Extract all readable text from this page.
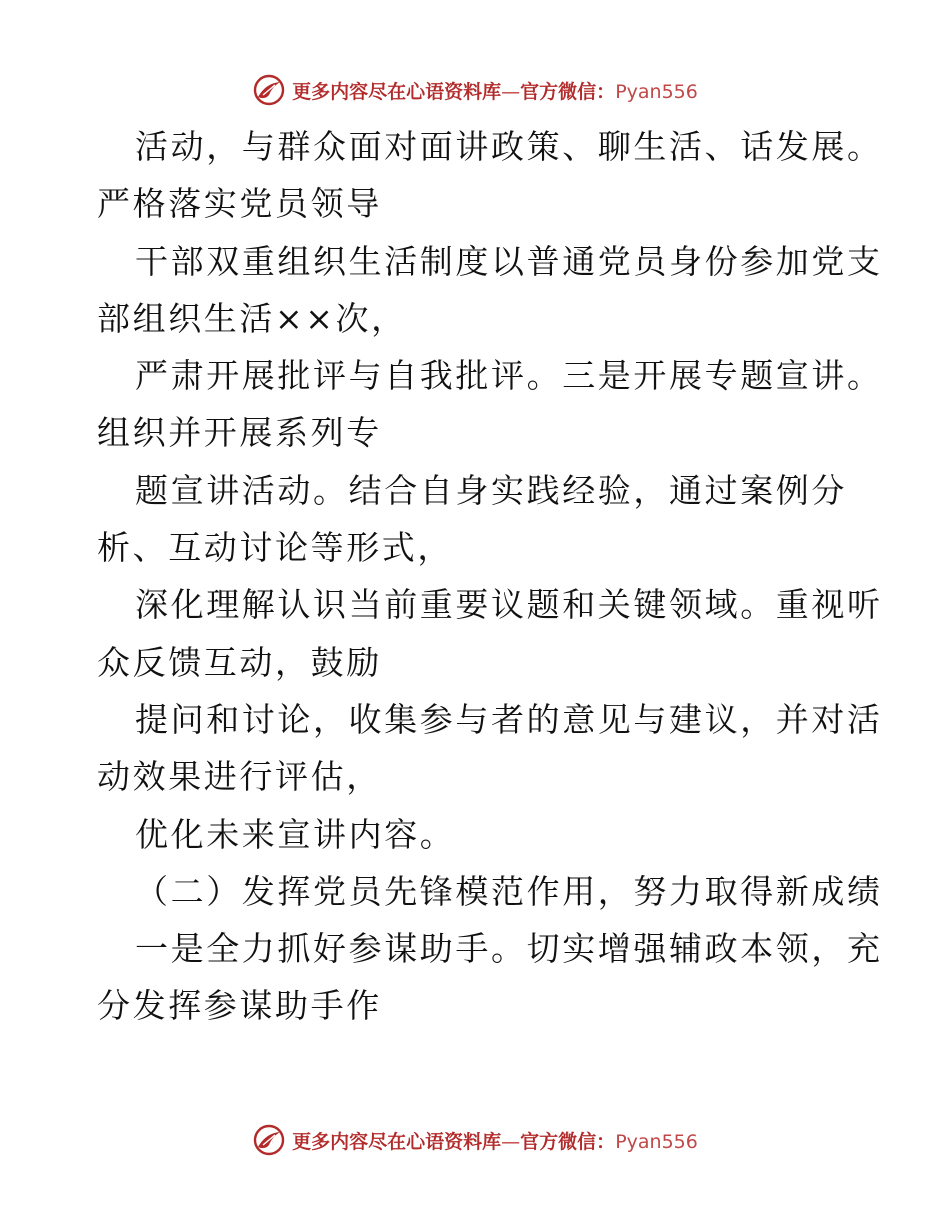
更多内容尽在心语资料库—官方微信：Pyan556
活动，与群众面对面讲政策、聊生活、话发展。
严格落实党员领导
干部双重组织生活制度以普通党员身份参加党支
部组织生活××次，
严肃开展批评与自我批评。三是开展专题宣讲。
组织并开展系列专
题宣讲活动。结合自身实践经验，通过案例分
析、互动讨论等形式，
深化理解认识当前重要议题和关键领域。重视听
众反馈互动，鼓励
提问和讨论，收集参与者的意见与建议，并对活
动效果进行评估，
优化未来宣讲内容。
（二）发挥党员先锋模范作用，努力取得新成绩
一是全力抓好参谋助手。切实增强辅政本领，充
分发挥参谋助手作
更多内容尽在心语资料库—官方微信：Pyan556
